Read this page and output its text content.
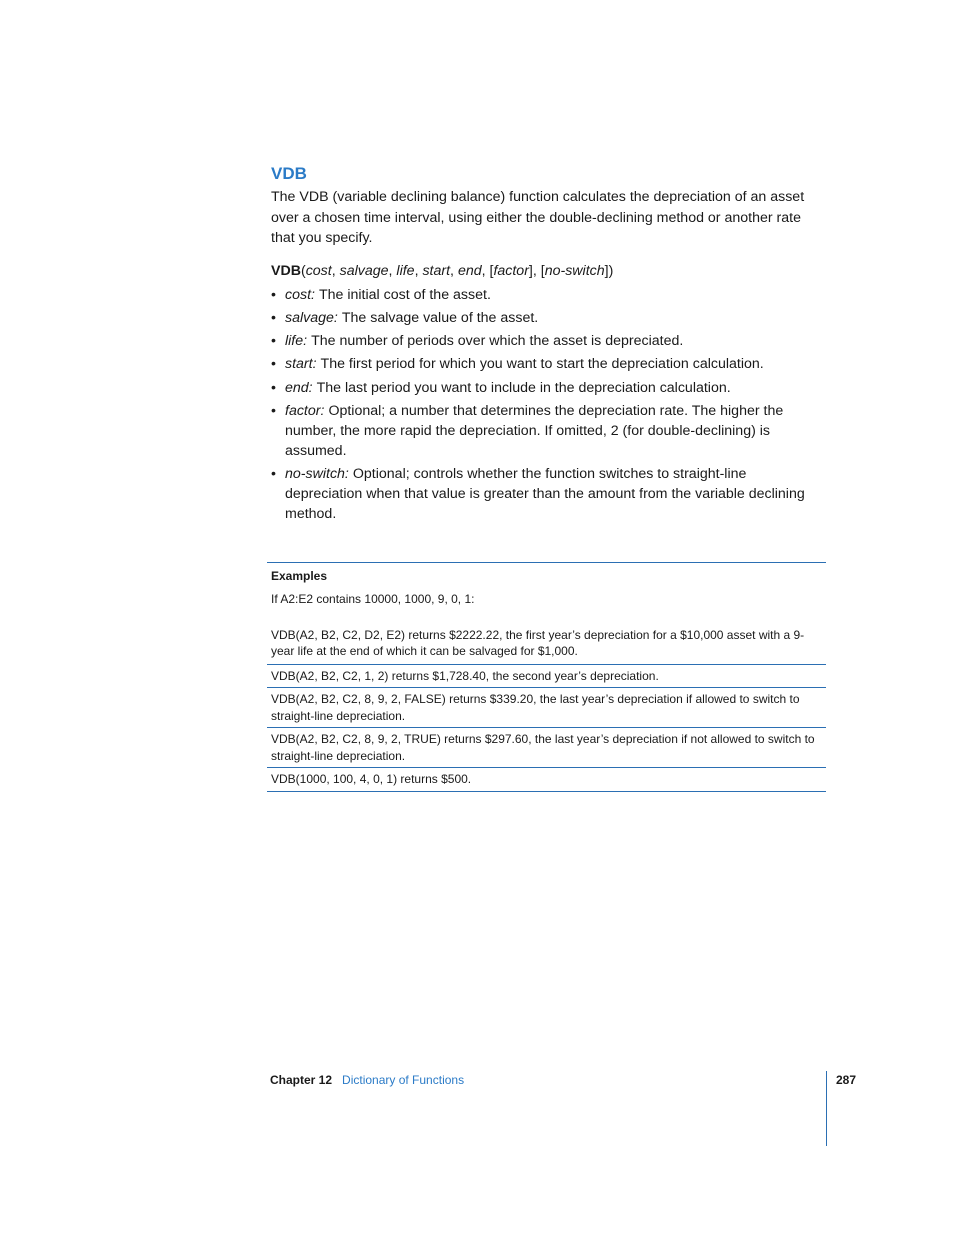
VDB

The VDB (variable declining balance) function calculates the depreciation of an asset over a chosen time interval, using either the double-declining method or another rate that you specify.

VDB(cost, salvage, life, start, end, [factor], [no-switch])

• cost: The initial cost of the asset.
• salvage: The salvage value of the asset.
• life: The number of periods over which the asset is depreciated.
• start: The first period for which you want to start the depreciation calculation.
• end: The last period you want to include in the depreciation calculation.
• factor: Optional; a number that determines the depreciation rate. The higher the number, the more rapid the depreciation. If omitted, 2 (for double-declining) is assumed.
• no-switch: Optional; controls whether the function switches to straight-line depreciation when that value is greater than the amount from the variable declining method.
Examples
If A2:E2 contains 10000, 1000, 9, 0, 1:
VDB(A2, B2, C2, D2, E2) returns $2222.22, the first year’s depreciation for a $10,000 asset with a 9-year life at the end of which it can be salvaged for $1,000.
VDB(A2, B2, C2, 1, 2) returns $1,728.40, the second year’s depreciation.
VDB(A2, B2, C2, 8, 9, 2, FALSE) returns $339.20, the last year’s depreciation if allowed to switch to straight-line depreciation.
VDB(A2, B2, C2, 8, 9, 2, TRUE) returns $297.60, the last year’s depreciation if not allowed to switch to straight-line depreciation.
VDB(1000, 100, 4, 0, 1) returns $500.
Chapter 12 Dictionary of Functions	287
